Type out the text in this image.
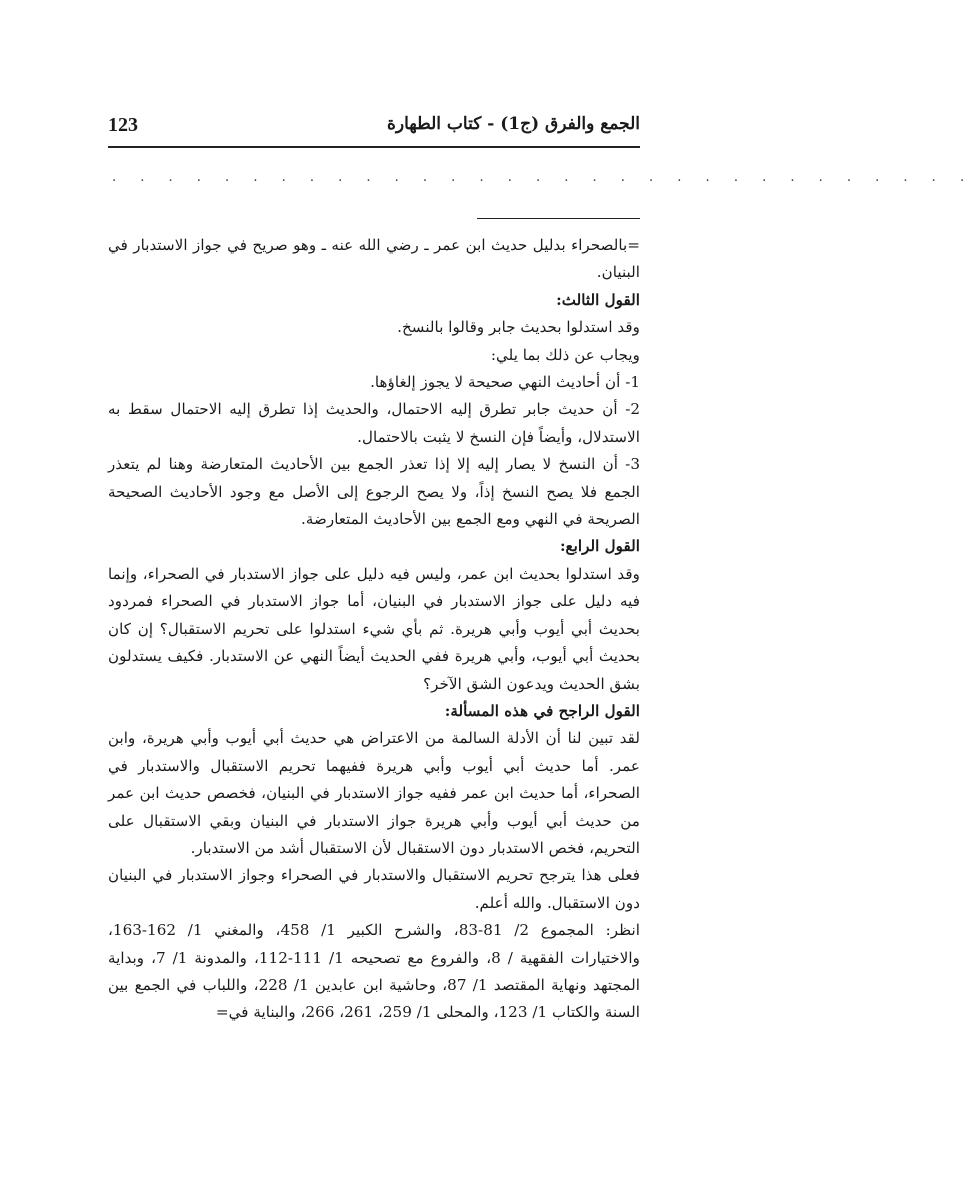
الجمع والفرق (ج1) - كتاب الطهارة
123
. . . . . . . . . . . . . . . . . . . . . . . . . . . . . . .

=بالصحراء بدليل حديث ابن عمر ـ رضي الله عنه ـ وهو صريح في جواز الاستدبار في البنيان.

القول الثالث:

وقد استدلوا بحديث جابر وقالوا بالنسخ.

ويجاب عن ذلك بما يلي:

1- أن أحاديث النهي صحيحة لا يجوز إلغاؤها.

2- أن حديث جابر تطرق إليه الاحتمال، والحديث إذا تطرق إليه الاحتمال سقط به الاستدلال، وأيضاً فإن النسخ لا يثبت بالاحتمال.

3- أن النسخ لا يصار إليه إلا إذا تعذر الجمع بين الأحاديث المتعارضة وهنا لم يتعذر الجمع فلا يصح النسخ إذاً، ولا يصح الرجوع إلى الأصل مع وجود الأحاديث الصحيحة الصريحة في النهي ومع الجمع بين الأحاديث المتعارضة.

القول الرابع:

وقد استدلوا بحديث ابن عمر، وليس فيه دليل على جواز الاستدبار في الصحراء، وإنما فيه دليل على جواز الاستدبار في البنيان، أما جواز الاستدبار في الصحراء فمردود بحديث أبي أيوب وأبي هريرة. ثم بأي شيء استدلوا على تحريم الاستقبال؟ إن كان بحديث أبي أيوب، وأبي هريرة ففي الحديث أيضاً النهي عن الاستدبار. فكيف يستدلون بشق الحديث ويدعون الشق الآخر؟

القول الراجح في هذه المسألة:

لقد تبين لنا أن الأدلة السالمة من الاعتراض هي حديث أبي أيوب وأبي هريرة، وابن عمر. أما حديث أبي أيوب وأبي هريرة ففيهما تحريم الاستقبال والاستدبار في الصحراء، أما حديث ابن عمر ففيه جواز الاستدبار في البنيان، فخصص حديث ابن عمر من حديث أبي أيوب وأبي هريرة جواز الاستدبار في البنيان وبقي الاستقبال على التحريم، فخص الاستدبار دون الاستقبال لأن الاستقبال أشد من الاستدبار.

فعلى هذا يترجح تحريم الاستقبال والاستدبار في الصحراء وجواز الاستدبار في البنيان دون الاستقبال. والله أعلم.

انظر: المجموع 2/ 81-83، والشرح الكبير 1/ 458، والمغني 1/ 162-163، والاختيارات الفقهية / 8، والفروع مع تصحيحه 1/ 111-112، والمدونة 1/ 7، وبداية المجتهد ونهاية المقتصد 1/ 87، وحاشية ابن عابدين 1/ 228، واللباب في الجمع بين السنة والكتاب 1/ 123، والمحلى 1/ 259، 261، 266، والبناية في=
